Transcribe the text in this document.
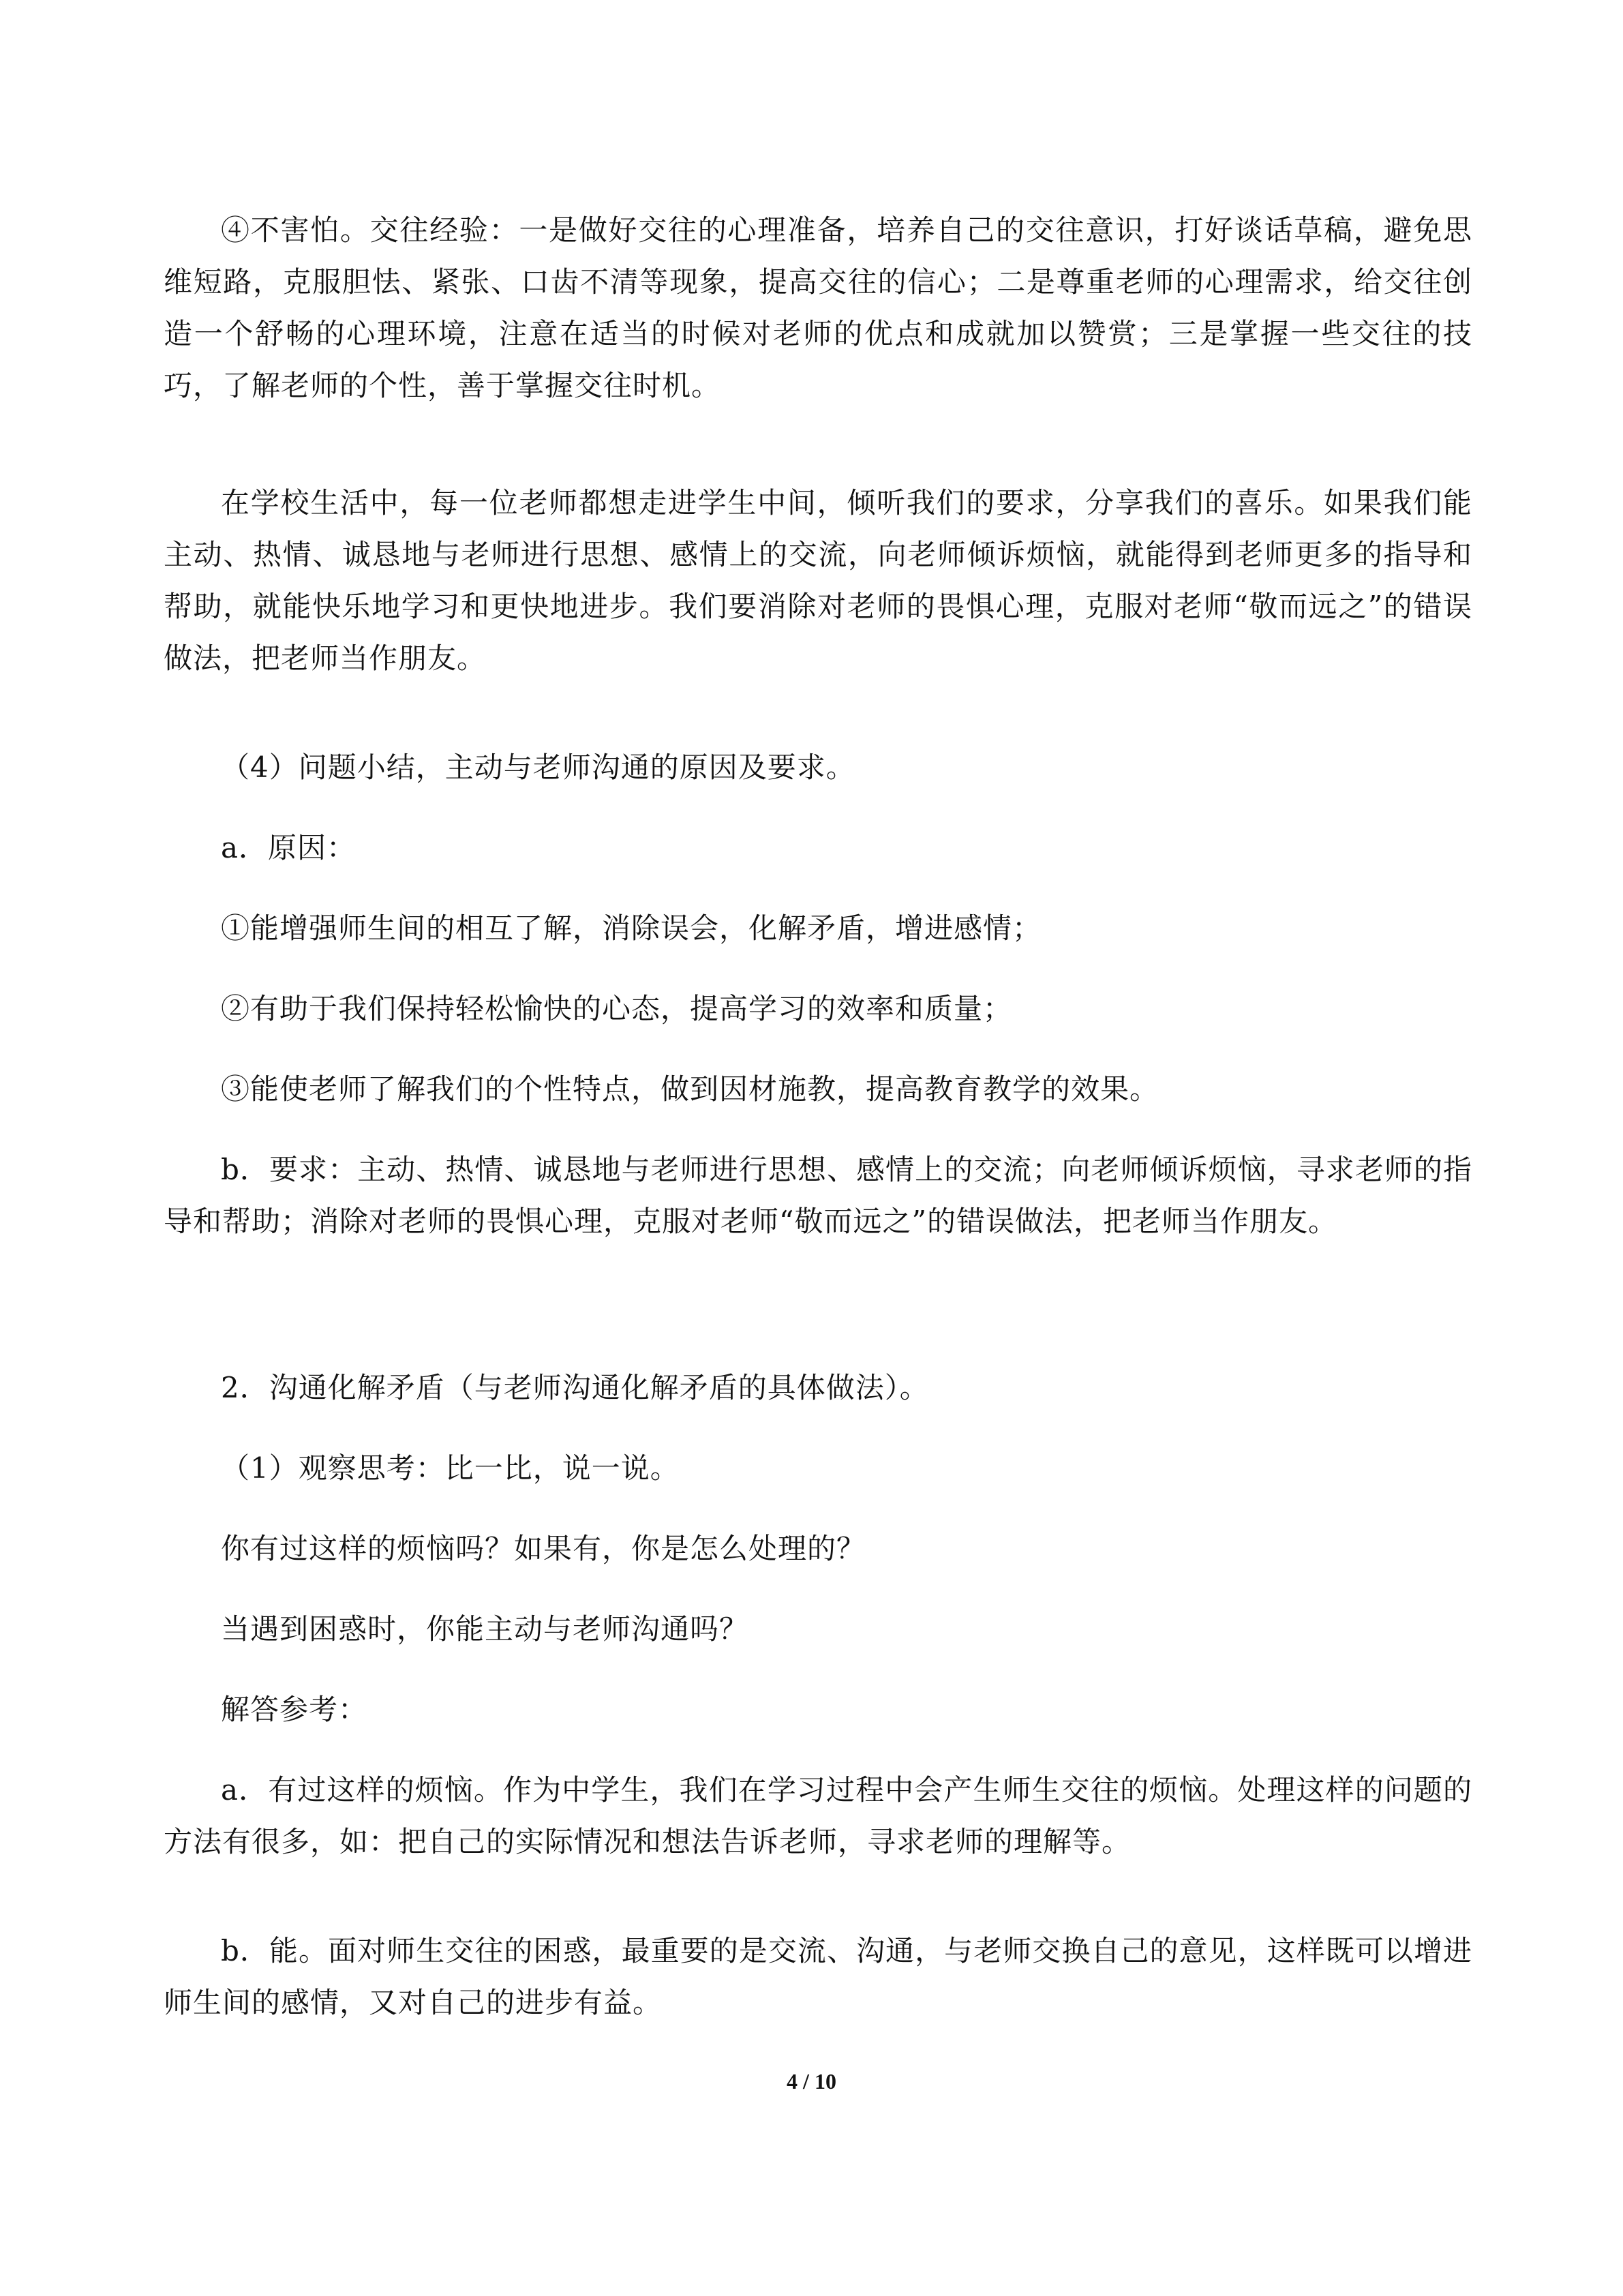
④不害怕。交往经验：一是做好交往的心理准备，培养自己的交往意识，打好谈话草稿，避免思维短路，克服胆怯、紧张、口齿不清等现象，提高交往的信心；二是尊重老师的心理需求，给交往创造一个舒畅的心理环境，注意在适当的时候对老师的优点和成就加以赞赏；三是掌握一些交往的技巧，了解老师的个性，善于掌握交往时机。

在学校生活中，每一位老师都想走进学生中间，倾听我们的要求，分享我们的喜乐。如果我们能主动、热情、诚恳地与老师进行思想、感情上的交流，向老师倾诉烦恼，就能得到老师更多的指导和帮助，就能快乐地学习和更快地进步。我们要消除对老师的畏惧心理，克服对老师“敬而远之”的错误做法，把老师当作朋友。

（4）问题小结，主动与老师沟通的原因及要求。

a．原因：

①能增强师生间的相互了解，消除误会，化解矛盾，增进感情；

②有助于我们保持轻松愉快的心态，提高学习的效率和质量；

③能使老师了解我们的个性特点，做到因材施教，提高教育教学的效果。

b．要求：主动、热情、诚恳地与老师进行思想、感情上的交流；向老师倾诉烦恼，寻求老师的指导和帮助；消除对老师的畏惧心理，克服对老师“敬而远之”的错误做法，把老师当作朋友。

2．沟通化解矛盾（与老师沟通化解矛盾的具体做法）。

（1）观察思考：比一比，说一说。

你有过这样的烦恼吗？如果有，你是怎么处理的？

当遇到困惑时，你能主动与老师沟通吗？

解答参考：

a．有过这样的烦恼。作为中学生，我们在学习过程中会产生师生交往的烦恼。处理这样的问题的方法有很多，如：把自己的实际情况和想法告诉老师，寻求老师的理解等。

b．能。面对师生交往的困惑，最重要的是交流、沟通，与老师交换自己的意见，这样既可以增进师生间的感情，又对自己的进步有益。

4 / 10
